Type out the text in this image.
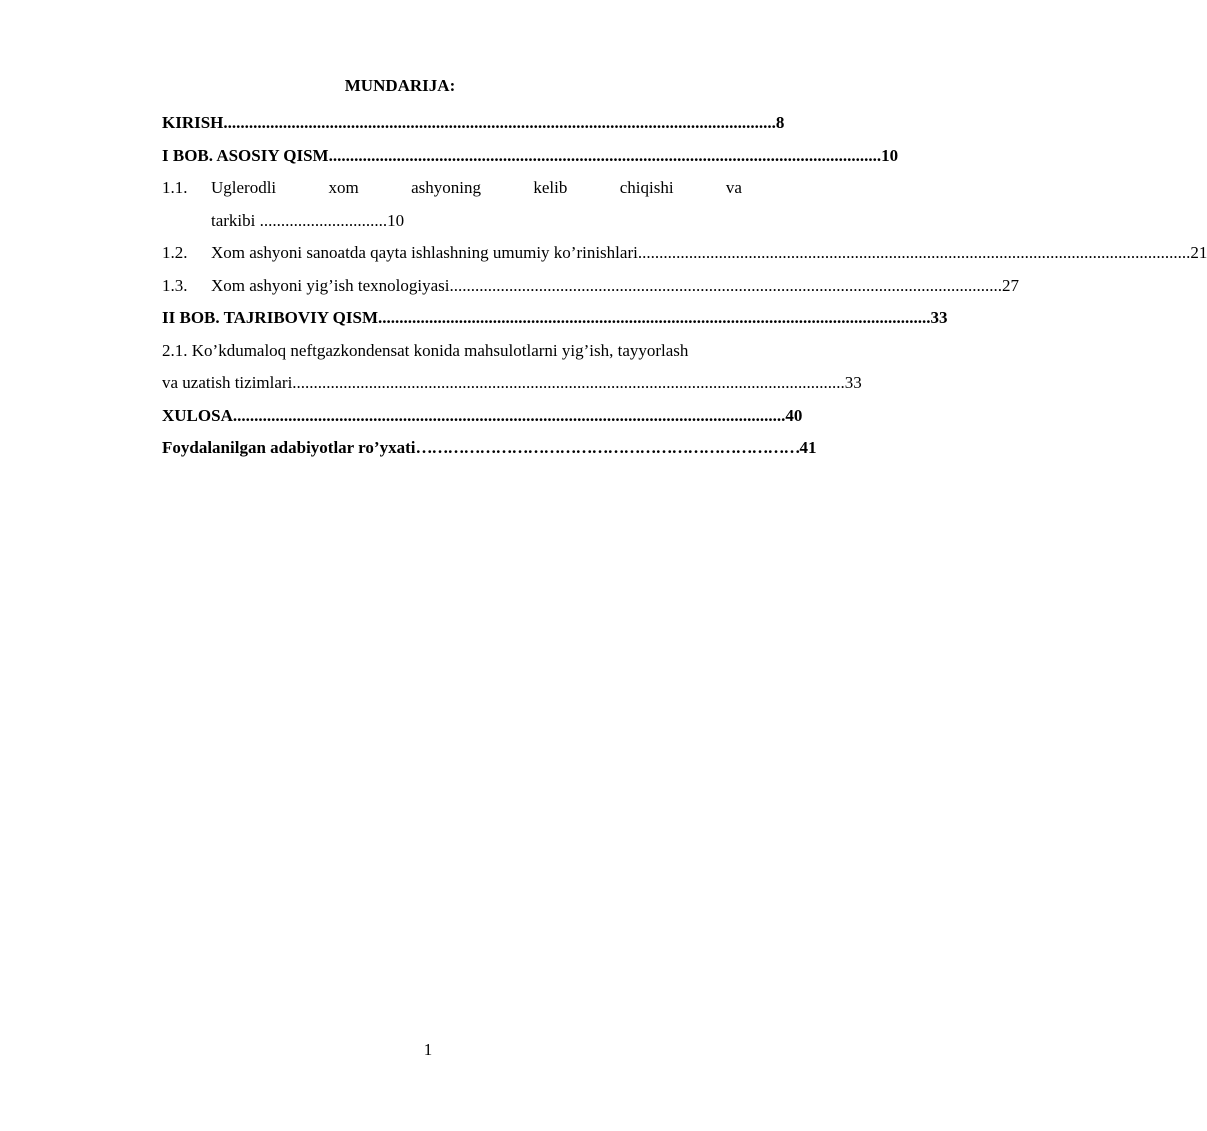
MUNDARIJA:
KIRISH .................................................................................................................................. 8
I BOB. ASOSIY QISM .................................................................................................................................. 10
1.1.	Uglerodli	xom	ashyoning	kelib	chiqishi	va
tarkibi .............................. 10
1.2.	Xom ashyoni sanoatda qayta ishlashning umumiy ko’rinishlari .................................................................................................................................. 21
1.3.	Xom ashyoni yig’ish texnologiyasi .................................................................................................................................. 27
II BOB. TAJRIBOVIY QISM .................................................................................................................................. 33
2.1. Ko’kdumaloq neftgazkondensat konida mahsulotlarni yig’ish, tayyorlash
va uzatish tizimlari .................................................................................................................................. 33
XULOSA .................................................................................................................................. 40
Foydalanilgan adabiyotlar ro’yxati ……………………………………………………………… 41
1
